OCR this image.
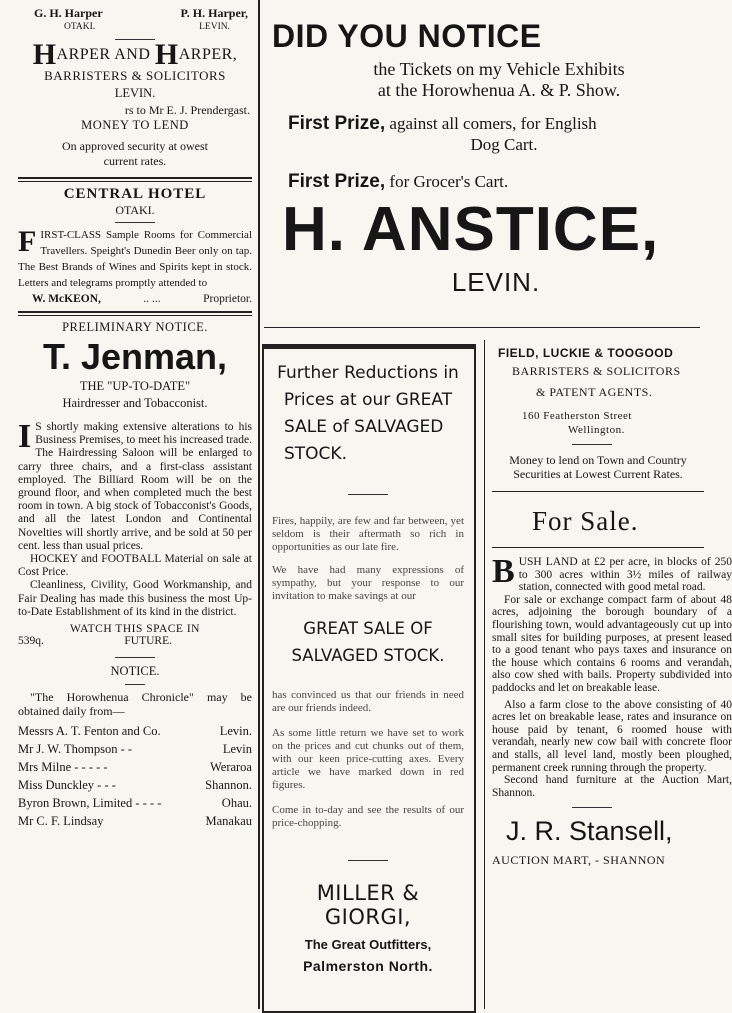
G. H. Harper	P. H. Harper,
OTAKI.	LEVIN.
HARPER AND HARPER,
BARRISTERS & SOLICITORS
LEVIN.
rs to Mr E. J. Prendergast.
MONEY TO LEND
On approved security at owest
current rates.
CENTRAL HOTEL
OTAKI.

FIRST-CLASS Sample Rooms for Commercial Travellers. Speight's Dunedin Beer only on tap. The Best Brands of Wines and Spirits kept in stock. Letters and telegrams promptly attended to

W. McKEON,	.. ...	Proprietor.
PRELIMINARY NOTICE.
T. Jenman,
THE "UP-TO-DATE"
Hairdresser and Tobacconist.

I S shortly making extensive alterations to his Business Premises, to meet his increased trade. The Hairdressing Saloon will be enlarged to carry three chairs, and a first-class assistant employed. The Billiard Room will be on the ground floor, and when completed much the best room in town. A big stock of Tobacconist's Goods, and all the latest London and Continental Novelties will shortly arrive, and be sold at 50 per cent. less than usual prices.

HOCKEY and FOOTBALL Material on sale at Cost Price.

Cleanliness, Civility, Good Workmanship, and Fair Dealing has made this business the most Up-to-Date Establishment of its kind in the district.

WATCH THIS SPACE IN
539q.	FUTURE.
NOTICE.

"The Horowhenua Chronicle" may be obtained daily from—

Messrs A. T. Fenton and Co.	Levin.
Mr J. W. Thompson - -	Levin
Mrs Milne - - - - -	Weraroa
Miss Dunckley - - -	Shannon.
Byron Brown, Limited - - - -	Ohau.
Mr C. F. Lindsay	Manakau
DID YOU NOTICE
the Tickets on my Vehicle Exhibits
at the Horowhenua A. & P. Show.
First Prize, against all comers, for English
Dog Cart.
First Prize, for Grocer's Cart.
H. ANSTICE,
LEVIN.
Further Reductions in
Prices at our GREAT
SALE of SALVAGED
STOCK.

Fires, happily, are few and far between, yet seldom is their aftermath so rich in opportunities as our late fire.

We have had many expressions of sympathy, but your response to our invitation to make savings at our

GREAT SALE OF
SALVAGED STOCK.

has convinced us that our friends in need are our friends indeed.

As some little return we have set to work on the prices and cut chunks out of them, with our keen price-cutting axes. Every article we have marked down in red figures.

Come in to-day and see the results of our price-chopping.

MILLER & GIORGI,
The Great Outfitters,
Palmerston North.
FIELD, LUCKIE & TOOGOOD
BARRISTERS & SOLICITORS
& PATENT AGENTS.
160 Featherston Street
Wellington.

Money to lend on Town and Country Securities at Lowest Current Rates.

For Sale.

BUSH LAND at £2 per acre, in blocks of 250 to 300 acres within 3½ miles of railway station, connected with good metal road.

For sale or exchange compact farm of about 48 acres, adjoining the borough boundary of a flourishing town, would advantageously cut up into small sites for building purposes, at present leased to a good tenant who pays taxes and insurance on the house which contains 6 rooms and verandah, also cow shed with bails. Property subdivided into paddocks and let on breakable lease.

Also a farm close to the above consisting of 40 acres let on breakable lease, rates and insurance on house paid by tenant, 6 roomed house with verandah, nearly new cow bail with concrete floor and stalls, all level land, mostly been ploughed, permanent creek running through the property.

Second hand furniture at the Auction Mart, Shannon.

J. R. Stansell,
AUCTION MART, - SHANNON
